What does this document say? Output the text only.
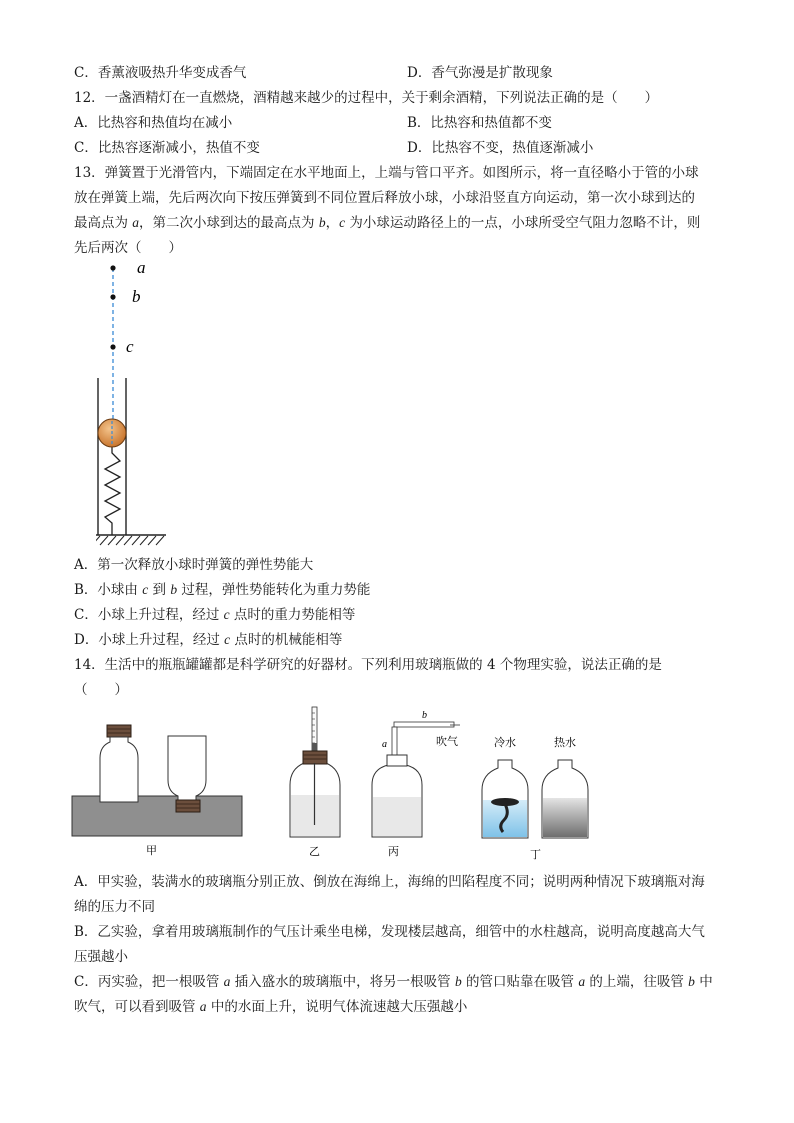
C．香薰液吸热升华变成香气	D．香气弥漫是扩散现象
12．一盏酒精灯在一直燃烧，酒精越来越少的过程中，关于剩余酒精，下列说法正确的是（　　）
A．比热容和热值均在减小	B．比热容和热值都不变
C．比热容逐渐减小，热值不变	D．比热容不变，热值逐渐减小
13．弹簧置于光滑管内，下端固定在水平地面上，上端与管口平齐。如图所示，将一直径略小于管的小球
放在弹簧上端，先后两次向下按压弹簧到不同位置后释放小球，小球沿竖直方向运动，第一次小球到达的
最高点为 a，第二次小球到达的最高点为 b，c 为小球运动路径上的一点，小球所受空气阻力忽略不计，则
先后两次（　　）
a
b
c
A．第一次释放小球时弹簧的弹性势能大
B．小球由 c 到 b 过程，弹性势能转化为重力势能
C．小球上升过程，经过 c 点时的重力势能相等
D．小球上升过程，经过 c 点时的机械能相等
14．生活中的瓶瓶罐罐都是科学研究的好器材。下列利用玻璃瓶做的 4 个物理实验，说法正确的是
（　　）
甲	乙
b
a	吹气
丙
冷水	热水
丁
A．甲实验，装满水的玻璃瓶分别正放、倒放在海绵上，海绵的凹陷程度不同；说明两种情况下玻璃瓶对海
绵的压力不同
B．乙实验，拿着用玻璃瓶制作的气压计乘坐电梯，发现楼层越高，细管中的水柱越高，说明高度越高大气
压强越小
C．丙实验，把一根吸管 a 插入盛水的玻璃瓶中，将另一根吸管 b 的管口贴靠在吸管 a 的上端，往吸管 b 中
吹气，可以看到吸管 a 中的水面上升，说明气体流速越大压强越小
